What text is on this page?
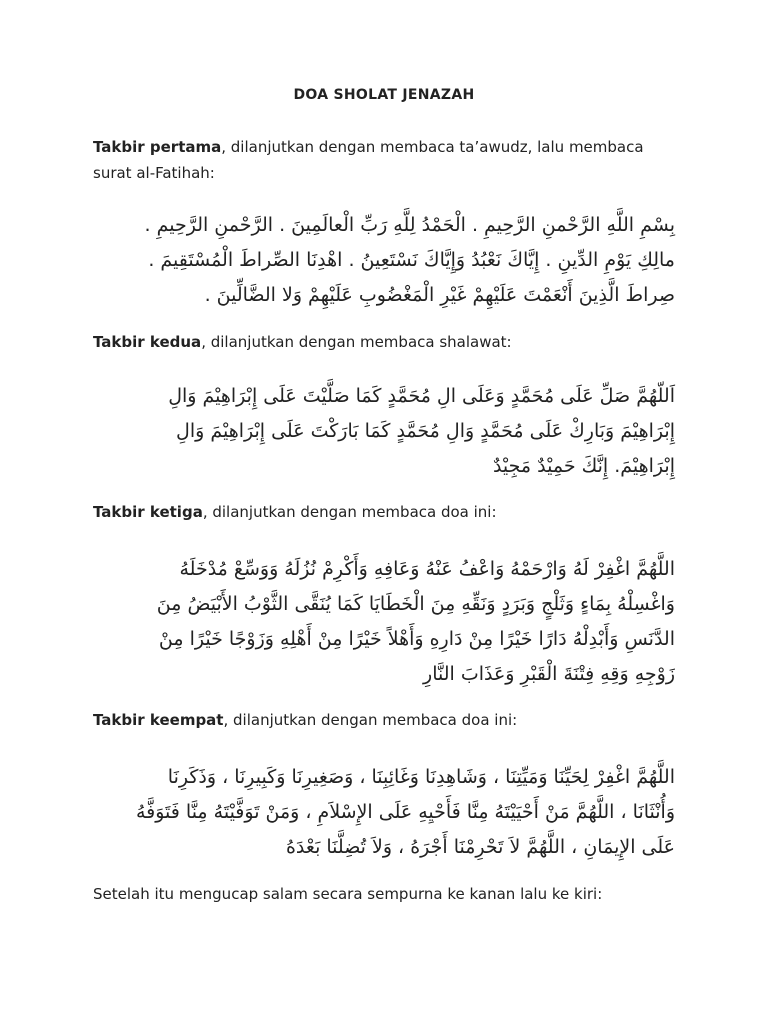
DOA SHOLAT JENAZAH
Takbir pertama, dilanjutkan dengan membaca ta’awudz, lalu membaca surat al-Fatihah:
بِسْمِ اللَّهِ الرَّحْمنِ الرَّحِيمِ . الْحَمْدُ لِلَّهِ رَبِّ الْعالَمِينَ . الرَّحْمنِ الرَّحِيمِ .
مالِكِ يَوْمِ الدِّينِ . إِيَّاكَ نَعْبُدُ وَإِيَّاكَ نَسْتَعِينُ . اهْدِنَا الصِّراطَ الْمُسْتَقِيمَ .
صِراطَ الَّذِينَ أَنْعَمْتَ عَلَيْهِمْ غَيْرِ الْمَغْضُوبِ عَلَيْهِمْ وَلا الضَّالِّينَ .
Takbir kedua, dilanjutkan dengan membaca shalawat:
اَللّهُمَّ صَلِّ عَلَى مُحَمَّدٍ وَعَلَى الِ مُحَمَّدٍ كَمَا صَلَّيْتَ عَلَى إِبْرَاهِيْمَ وَالِ
إِبْرَاهِيْمَ وَبَارِكْ عَلَى مُحَمَّدٍ وَالِ مُحَمَّدٍ كَمَا بَارَكْتَ عَلَى إِبْرَاهِيْمَ وَالِ
إِبْرَاهِيْمَ. إِنَّكَ حَمِيْدٌ مَجِيْدٌ
Takbir ketiga, dilanjutkan dengan membaca doa ini:
اللَّهُمَّ اغْفِرْ لَهُ وَارْحَمْهُ وَاعْفُ عَنْهُ وَعَافِهِ وَأَكْرِمْ نُزُلَهُ وَوَسِّعْ مُدْخَلَهُ
وَاغْسِلْهُ بِمَاءٍ وَثَلْجٍ وَبَرَدٍ وَنَقِّهِ مِنَ الْخَطَايَا كَمَا يُنَقَّى الثَّوْبُ الأَبْيَضُ مِنَ
الدَّنَسِ وَأَبْدِلْهُ دَارًا خَيْرًا مِنْ دَارِهِ وَأَهْلاً خَيْرًا مِنْ أَهْلِهِ وَزَوْجًا خَيْرًا مِنْ
زَوْجِهِ وَقِهِ فِتْنَةَ الْقَبْرِ وَعَذَابَ النَّارِ
Takbir keempat, dilanjutkan dengan membaca doa ini:
اللَّهُمَّ اغْفِرْ لِحَيِّنَا وَمَيِّتِنَا ، وَشَاهِدِنَا وَغَائِبِنَا ، وَصَغِيرِنَا وَكَبِيرِنَا ، وَذَكَرِنَا
وَأُنْثَانَا ، اللَّهُمَّ مَنْ أَحْيَيْتَهُ مِنَّا فَأَحْيِهِ عَلَى الإِسْلاَمِ ، وَمَنْ تَوَفَّيْتَهُ مِنَّا فَتَوَفَّهُ
عَلَى الإِيمَانِ ، اللَّهُمَّ لاَ تَحْرِمْنَا أَجْرَهُ ، وَلاَ تُضِلَّنَا بَعْدَهُ
Setelah itu mengucap salam secara sempurna ke kanan lalu ke kiri:
